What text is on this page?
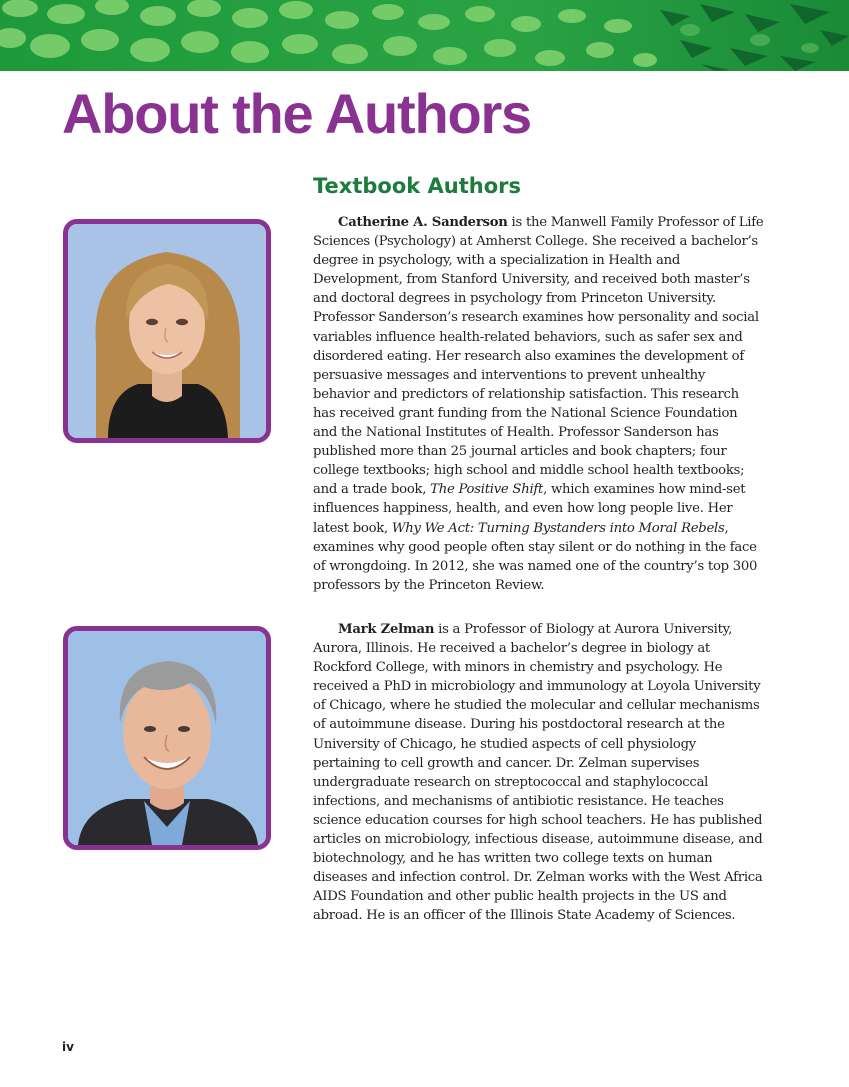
About the Authors
Textbook Authors

Catherine A. Sanderson is the Manwell Family Professor of Life Sciences (Psychology) at Amherst College. She received a bachelor’s degree in psychology, with a specialization in Health and Development, from Stanford University, and received both master’s and doctoral degrees in psychology from Princeton University. Professor Sanderson’s research examines how personality and social variables influence health-related behaviors, such as safer sex and disordered eating. Her research also examines the development of persuasive messages and interventions to prevent unhealthy behavior and predictors of relationship satisfaction. This research has received grant funding from the National Science Foundation and the National Institutes of Health. Professor Sanderson has published more than 25 journal articles and book chapters; four college textbooks; high school and middle school health textbooks; and a trade book, The Positive Shift, which examines how mind-set influences happiness, health, and even how long people live. Her latest book, Why We Act: Turning Bystanders into Moral Rebels, examines why good people often stay silent or do nothing in the face of wrongdoing. In 2012, she was named one of the country’s top 300 professors by the Princeton Review.

Mark Zelman is a Professor of Biology at Aurora University, Aurora, Illinois. He received a bachelor’s degree in biology at Rockford College, with minors in chemistry and psychology. He received a PhD in microbiology and immunology at Loyola University of Chicago, where he studied the molecular and cellular mechanisms of autoimmune disease. During his postdoctoral research at the University of Chicago, he studied aspects of cell physiology pertaining to cell growth and cancer. Dr. Zelman supervises undergraduate research on streptococcal and staphylococcal infections, and mechanisms of antibiotic resistance. He teaches science education courses for high school teachers. He has published articles on microbiology, infectious disease, autoimmune disease, and biotechnology, and he has written two college texts on human diseases and infection control. Dr. Zelman works with the West Africa AIDS Foundation and other public health projects in the US and abroad. He is an officer of the Illinois State Academy of Sciences.

iv
